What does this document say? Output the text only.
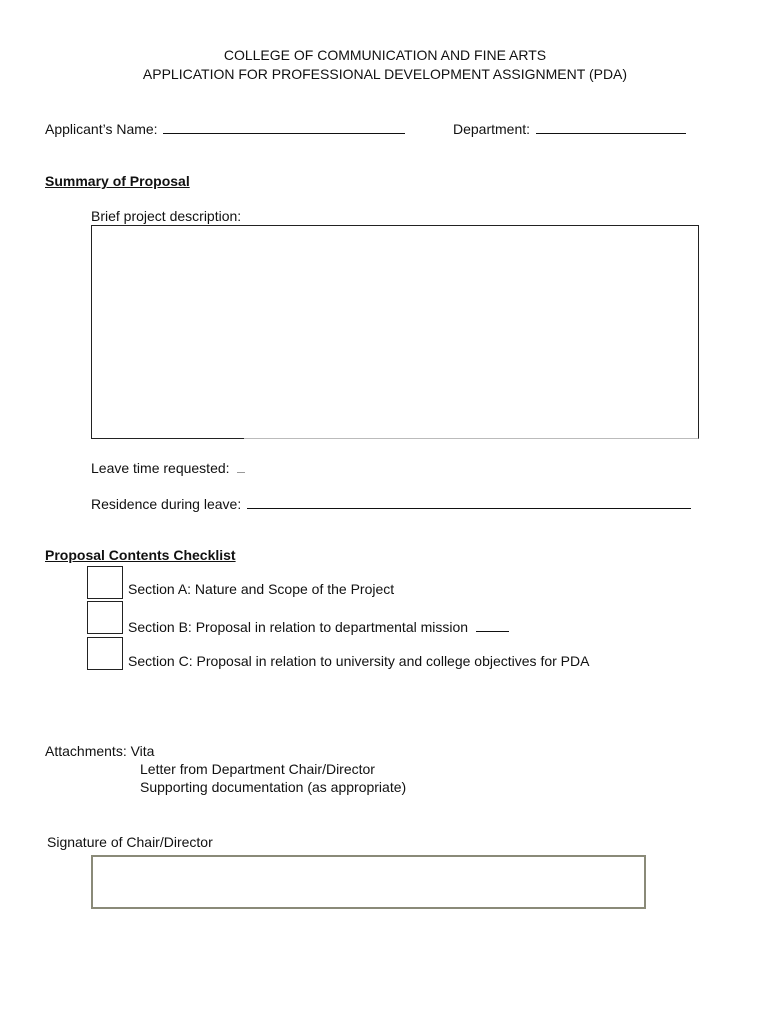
COLLEGE OF COMMUNICATION AND FINE ARTS
APPLICATION FOR PROFESSIONAL DEVELOPMENT ASSIGNMENT (PDA)
Applicant’s Name:	Department:
Summary of Proposal
Brief project description:
Leave time requested:
Residence during leave:
Proposal Contents Checklist
Section A: Nature and Scope of the Project
Section B: Proposal in relation to departmental mission
Section C: Proposal in relation to university and college objectives for PDA
Attachments: Vita
Letter from Department Chair/Director
Supporting documentation (as appropriate)
Signature of Chair/Director
